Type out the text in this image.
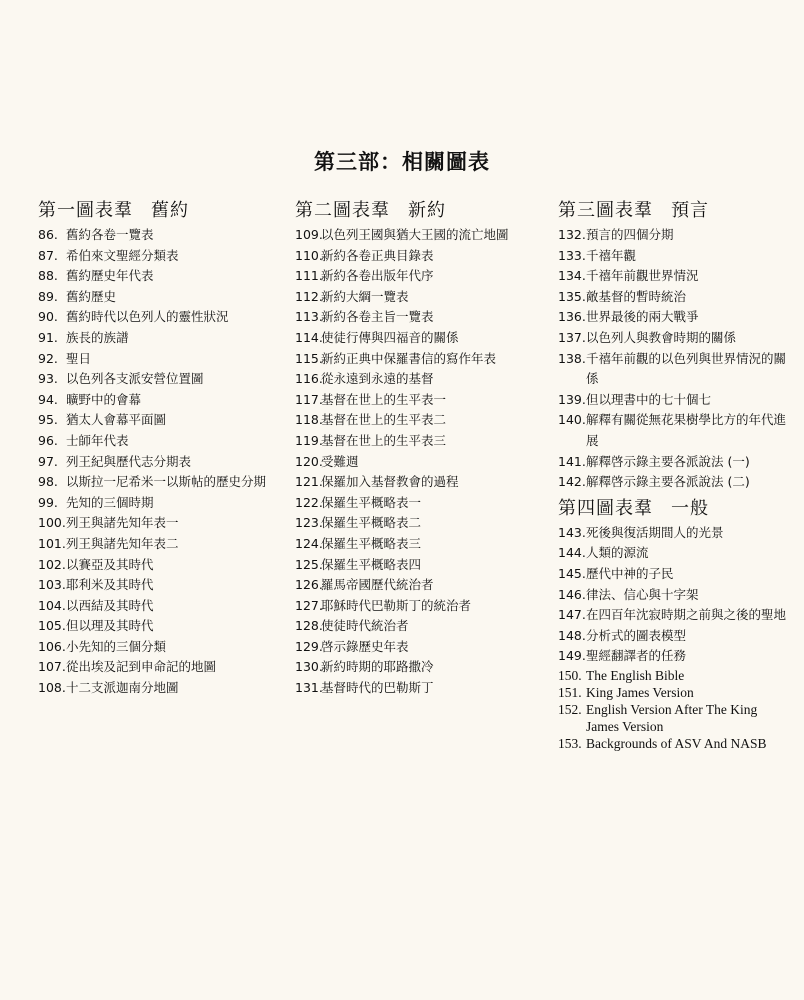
第三部：相關圖表
第一圖表羣 舊約
86. 舊約各卷一覽表
87. 希伯來文聖經分類表
88. 舊約歷史年代表
89. 舊約歷史
90. 舊約時代以色列人的靈性狀況
91. 族長的族譜
92. 聖日
93. 以色列各支派安營位置圖
94. 曠野中的會幕
95. 猶太人會幕平面圖
96. 士師年代表
97. 列王紀與歷代志分期表
98. 以斯拉一尼希米一以斯帖的歷史分期
99. 先知的三個時期
100. 列王與諸先知年表一
101. 列王與諸先知年表二
102. 以賽亞及其時代
103. 耶利米及其時代
104. 以西結及其時代
105. 但以理及其時代
106. 小先知的三個分類
107. 從出埃及記到申命記的地圖
108. 十二支派迦南分地圖
第二圖表羣 新約
109.
以色列王國與猶大王國的流亡地圖
110.
新約各卷正典目錄表
111.
新約各卷出版年代序
112.
新約大綱一覽表
113.
新約各卷主旨一覽表
114.
使徒行傳與四福音的關係
115.
新約正典中保羅書信的寫作年表
116.
從永遠到永遠的基督
117.
基督在世上的生平表一
118.
基督在世上的生平表二
119.
基督在世上的生平表三
120.
受難週
121.
保羅加入基督教會的過程
122.
保羅生平概略表一
123.
保羅生平概略表二
124.
保羅生平概略表三
125.
保羅生平概略表四
126.
羅馬帝國歷代統治者
127.
耶穌時代巴勒斯丁的統治者
128.
使徒時代統治者
129.
啓示錄歷史年表
130.
新約時期的耶路撒冷
131.
基督時代的巴勒斯丁
第三圖表羣 預言
132. 預言的四個分期
133. 千禧年觀
134. 千禧年前觀世界情況
135. 敵基督的暫時統治
136. 世界最後的兩大戰爭
137. 以色列人與教會時期的關係
138. 千禧年前觀的以色列與世界情況的關係
139. 但以理書中的七十個七
140. 解釋有關從無花果樹學比方的年代進展
141. 解釋啓示錄主要各派說法 (一)
142. 解釋啓示錄主要各派說法 (二)
第四圖表羣 一般
143. 死後與復活期間人的光景
144. 人類的源流
145. 歷代中神的子民
146. 律法、信心與十字架
147. 在四百年沈寂時期之前與之後的聖地
148. 分析式的圖表模型
149. 聖經翻譯者的任務
150. The English Bible
151. King James Version
152. English Version After The King James Version
153. Backgrounds of ASV And NASB
